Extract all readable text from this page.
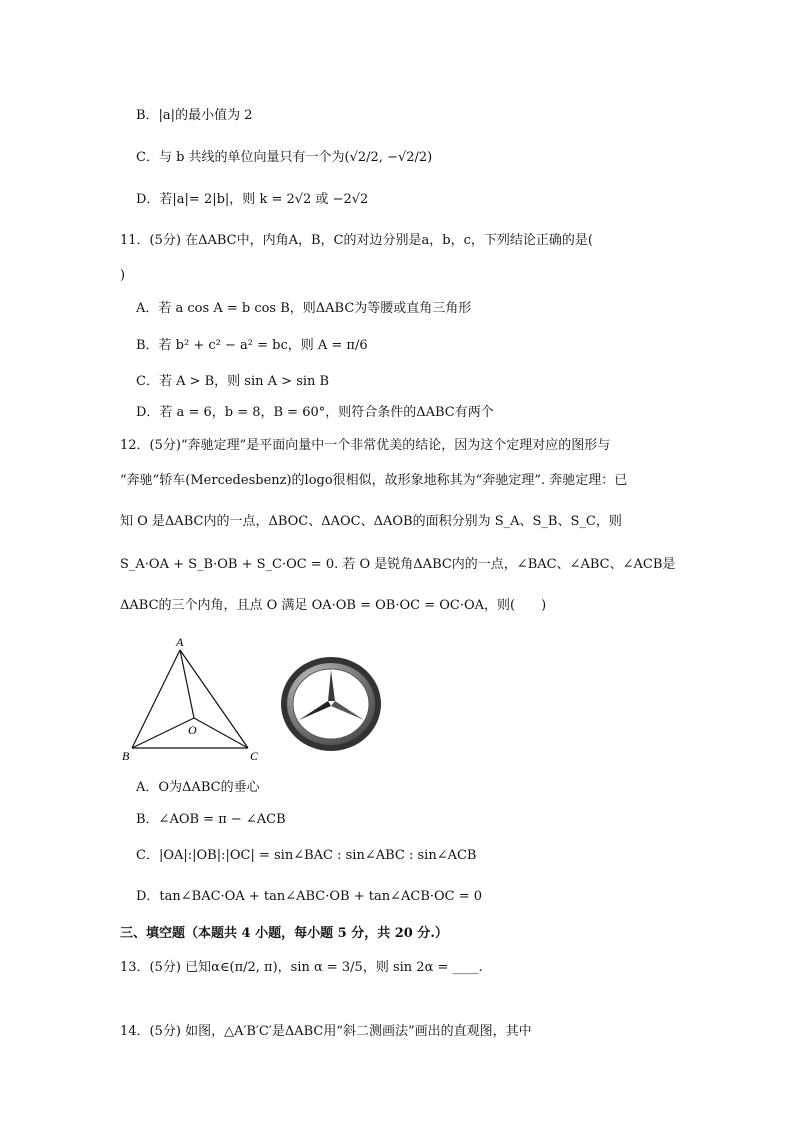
B．|a|的最小值为 2
C．与 b 共线的单位向量只有一个为(√2/2, −√2/2)
D．若|a|= 2|b|，则 k = 2√2 或 −2√2
11．(5分) 在ΔABC中，内角A，B，C的对边分别是a，b，c，下列结论正确的是(
)
A．若 a cos A = b cos B，则ΔABC为等腰或直角三角形
B．若 b² + c² − a² = bc，则 A = π/6
C．若 A > B，则 sin A > sin B
D．若 a = 6，b = 8，B = 60°，则符合条件的ΔABC有两个
12．(5分)“奔驰定理”是平面向量中一个非常优美的结论，因为这个定理对应的图形与
“奔驰”轿车(Mercedesbenz)的logo很相似，故形象地称其为“奔驰定理”. 奔驰定理：已
知 O 是ΔABC内的一点，ΔBOC、ΔAOC、ΔAOB的面积分别为 S_A、S_B、S_C，则
S_A·OA + S_B·OB + S_C·OC = 0. 若 O 是锐角ΔABC内的一点，∠BAC、∠ABC、∠ACB是
ΔABC的三个内角，且点 O 满足 OA·OB = OB·OC = OC·OA，则(　　)
A
B	C
O
A．O为ΔABC的垂心
B．∠AOB = π − ∠ACB
C．|OA|:|OB|:|OC| = sin∠BAC : sin∠ABC : sin∠ACB
D．tan∠BAC·OA + tan∠ABC·OB + tan∠ACB·OC = 0
三、填空题（本题共 4 小题，每小题 5 分，共 20 分.）
13．(5分) 已知α∈(π/2, π)，sin α = 3/5，则 sin 2α = ____.
14．(5分) 如图，△A′B′C′是ΔABC用“斜二测画法”画出的直观图，其中
